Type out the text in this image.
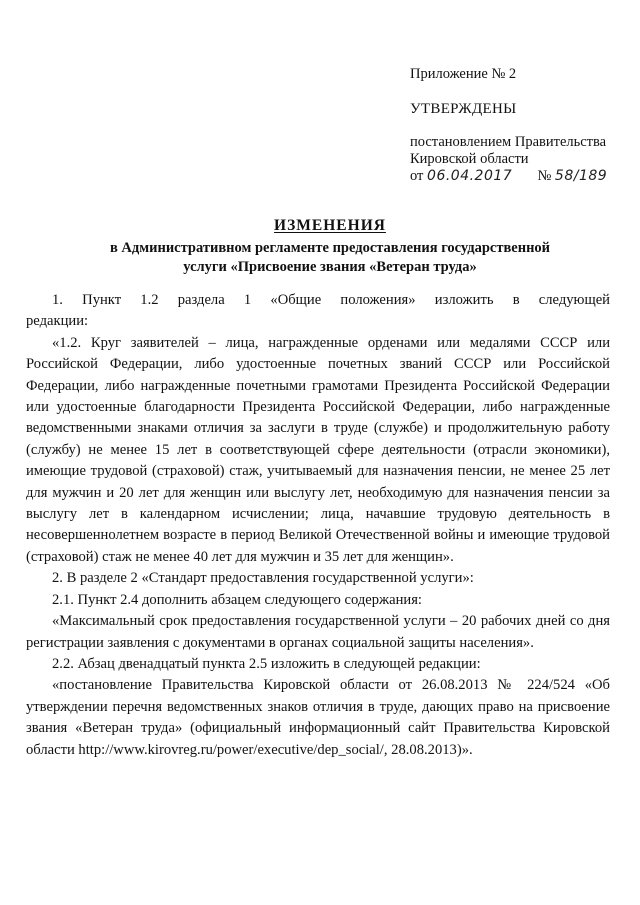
Приложение № 2
УТВЕРЖДЕНЫ
постановлением Правительства
Кировской области
от 06.04.2017 № 58/189
ИЗМЕНЕНИЯ
в Административном регламенте предоставления государственной
услуги «Присвоение звания «Ветеран труда»

1. Пункт 1.2 раздела 1 «Общие положения» изложить в следующей

редакции:

«1.2. Круг заявителей – лица, награжденные орденами или медалями СССР или Российской Федерации, либо удостоенные почетных званий СССР или Российской Федерации, либо награжденные почетными грамотами Президента Российской Федерации или удостоенные благодарности Президента Российской Федерации, либо награжденные ведомственными знаками отличия за заслуги в труде (службе) и продолжительную работу (службу) не менее 15 лет в соответствующей сфере деятельности (отрасли экономики), имеющие трудовой (страховой) стаж, учитываемый для назначения пенсии, не менее 25 лет для мужчин и 20 лет для женщин или выслугу лет, необходимую для назначения пенсии за выслугу лет в календарном исчислении; лица, начавшие трудовую деятельность в несовершеннолетнем возрасте в период Великой Отечественной войны и имеющие трудовой (страховой) стаж не менее 40 лет для мужчин и 35 лет для женщин».

2. В разделе 2 «Стандарт предоставления государственной услуги»:

2.1. Пункт 2.4 дополнить абзацем следующего содержания:

«Максимальный срок предоставления государственной услуги – 20 рабочих дней со дня регистрации заявления с документами в органах социальной защиты населения».

2.2. Абзац двенадцатый пункта 2.5 изложить в следующей редакции:

«постановление Правительства Кировской области от 26.08.2013 № 224/524 «Об утверждении перечня ведомственных знаков отличия в труде, дающих право на присвоение звания «Ветеран труда» (официальный информационный сайт Правительства Кировской области http://www.kirovreg.ru/power/executive/dep_social/, 28.08.2013)».
